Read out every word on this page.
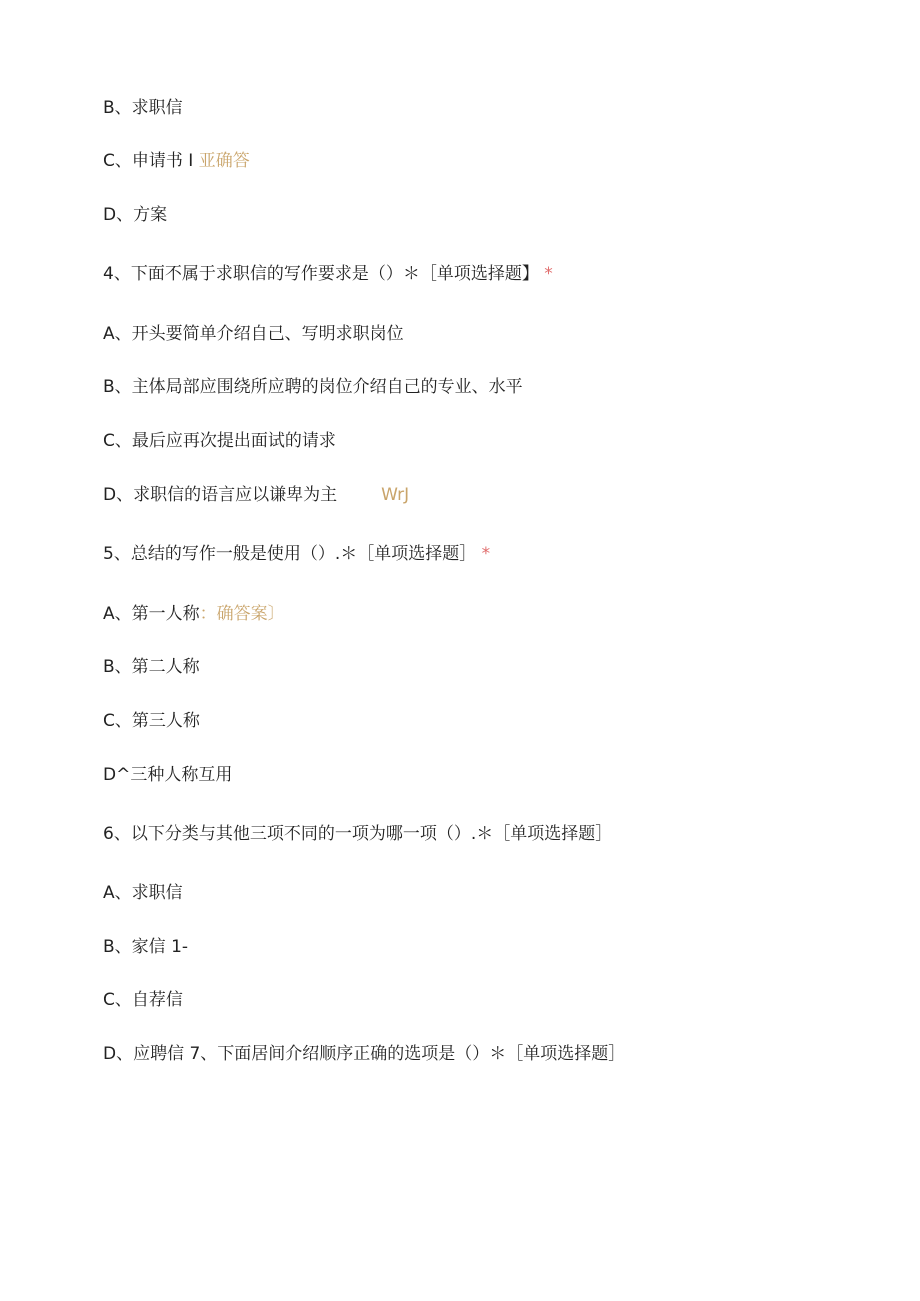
B、求职信
C、申请书 I 亚确答
D、方案
4、下面不属于求职信的写作要求是（）＊［单项选择题】 *
A、开头要简单介绍自己、写明求职岗位
B、主体局部应围绕所应聘的岗位介绍自己的专业、水平
C、最后应再次提出面试的请求
D、求职信的语言应以谦卑为主	WrJ
5、总结的写作一般是使用（）.＊［单项选择题］ *
A、第一人称：确答案〕
B、第二人称
C、第三人称
D^三种人称互用
6、以下分类与其他三项不同的一项为哪一项（）.＊［单项选择题］
A、求职信
B、家信 1-
C、自荐信
D、应聘信 7、下面居间介绍顺序正确的选项是（）＊［单项选择题］
